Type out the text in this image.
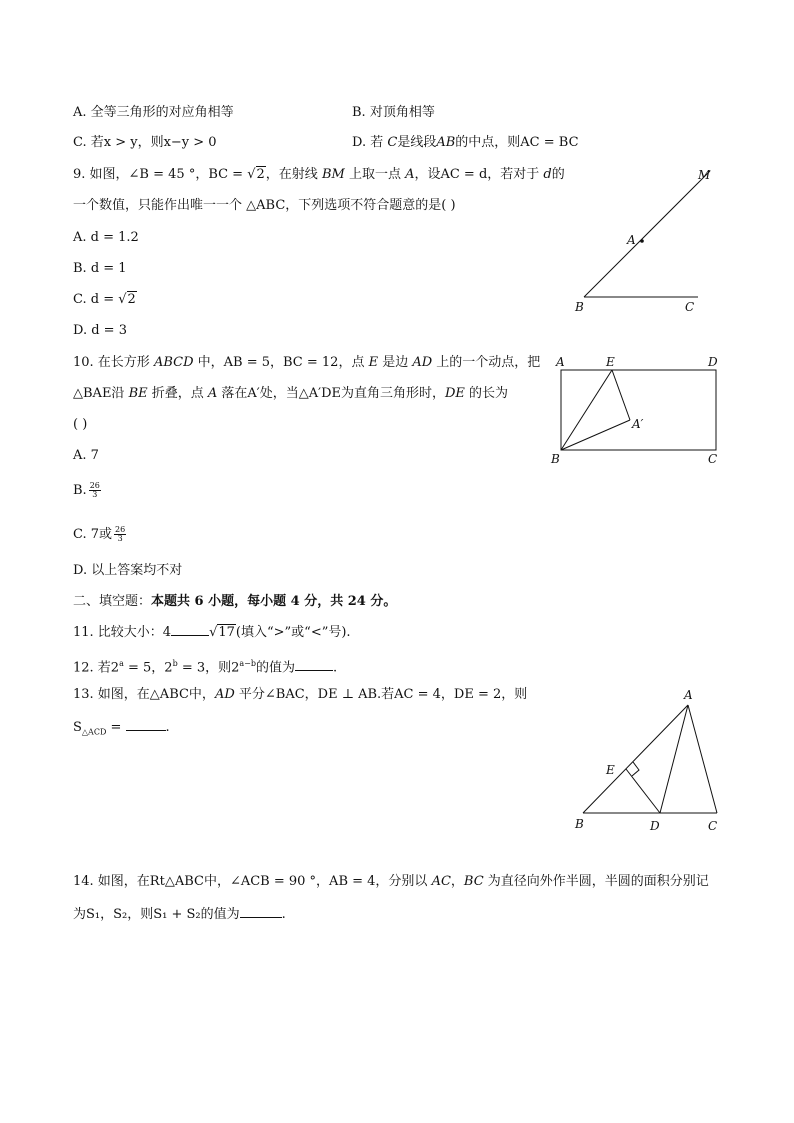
A. 全等三角形的对应角相等	B. 对顶角相等
C. 若x > y，则x−y > 0	D. 若 C是线段AB的中点，则AC = BC
9. 如图，∠B = 45 °，BC = √2，在射线 BM 上取一点 A，设AC = d，若对于 d的
一个数值，只能作出唯一一个 △ABC，下列选项不符合题意的是( )
A. d = 1.2
B. d = 1
C. d = √2
D. d = 3
M
A
B	C
10. 在长方形 ABCD 中，AB = 5，BC = 12，点 E 是边 AD 上的一个动点，把
△BAE沿 BE 折叠，点 A 落在A′处，当△A′DE为直角三角形时，DE 的长为
( )
A. 7
B. $\frac{26}{3}$
C. 7或 $\frac{26}{3}$
D. 以上答案均不对
A	E	D
A′
B	C
二、填空题：本题共 6 小题，每小题 4 分，共 24 分。
11. 比较大小：4	√17(填入“>”或“<”号).
12. 若$2^a = 5$，$2^b = 3$，则$2^{a-b}$的值为	.
13. 如图，在△ABC中，AD 平分∠BAC，DE ⊥ AB.若AC = 4，DE = 2，则
$S_{\triangle ACD}$ =	.
A
E
B	D	C
14. 如图，在Rt△ABC中，∠ACB = 90 °，AB = 4，分别以 AC，BC 为直径向外作半圆，半圆的面积分别记
为S₁，S₂，则S₁ + S₂的值为	.
